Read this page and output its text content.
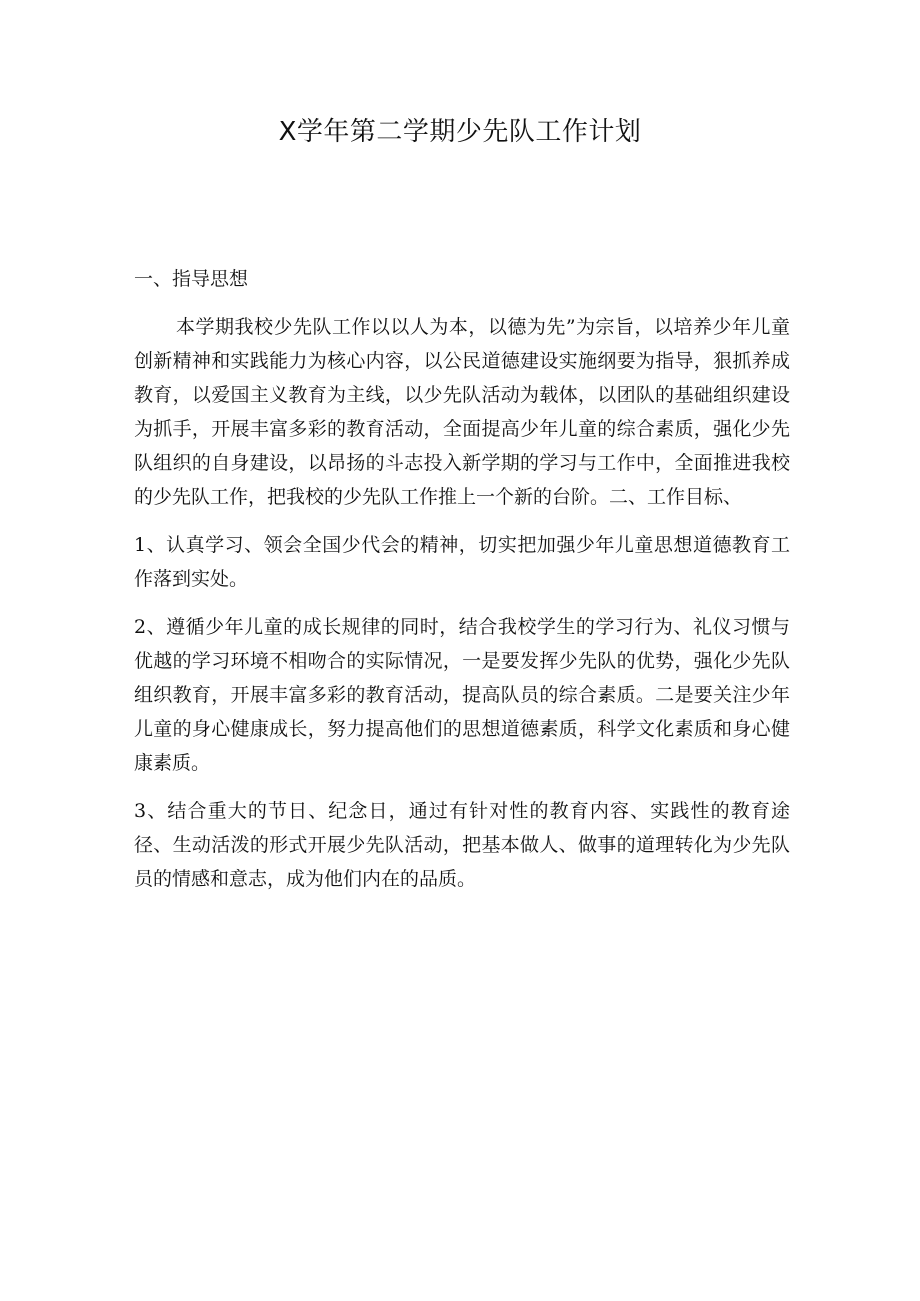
X学年第二学期少先队工作计划
一、指导思想

本学期我校少先队工作以以人为本，以德为先”为宗旨，以培养少年儿童创新精神和实践能力为核心内容，以公民道德建设实施纲要为指导，狠抓养成教育，以爱国主义教育为主线，以少先队活动为载体，以团队的基础组织建设为抓手，开展丰富多彩的教育活动，全面提高少年儿童的综合素质，强化少先队组织的自身建设，以昂扬的斗志投入新学期的学习与工作中，全面推进我校的少先队工作，把我校的少先队工作推上一个新的台阶。二、工作目标、

1、认真学习、领会全国少代会的精神，切实把加强少年儿童思想道德教育工作落到实处。

2、遵循少年儿童的成长规律的同时，结合我校学生的学习行为、礼仪习惯与优越的学习环境不相吻合的实际情况，一是要发挥少先队的优势，强化少先队组织教育，开展丰富多彩的教育活动，提高队员的综合素质。二是要关注少年儿童的身心健康成长，努力提高他们的思想道德素质，科学文化素质和身心健康素质。

3、结合重大的节日、纪念日，通过有针对性的教育内容、实践性的教育途径、生动活泼的形式开展少先队活动，把基本做人、做事的道理转化为少先队员的情感和意志，成为他们内在的品质。
